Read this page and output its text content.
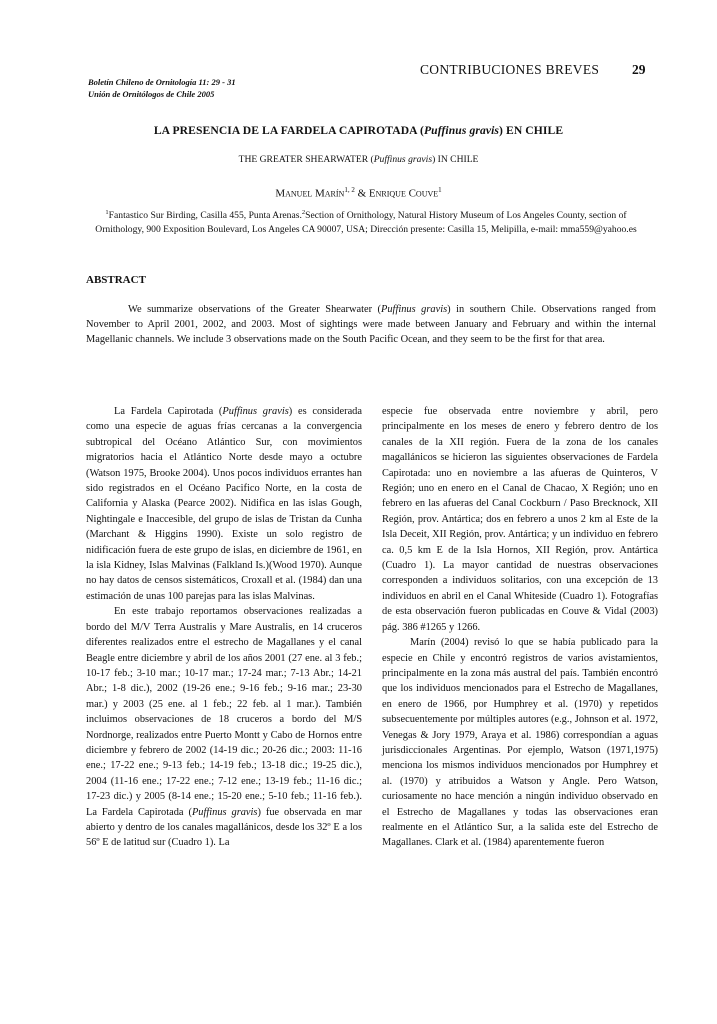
Boletín Chileno de Ornitología 11: 29 - 31
Unión de Ornitólogos de Chile 2005
CONTRIBUCIONES BREVES 29
LA PRESENCIA DE LA FARDELA CAPIROTADA (Puffinus gravis) EN CHILE
THE GREATER SHEARWATER (Puffinus gravis) IN CHILE
Manuel Marín$^{1, 2}$ & Enrique Couve$^1$
$^1$Fantastico Sur Birding, Casilla 455, Punta Arenas.$^2$Section of Ornithology, Natural History Museum of Los Angeles County, section of Ornithology, 900 Exposition Boulevard, Los Angeles CA 90007, USA; Dirección presente: Casilla 15, Melipilla, e-mail: mma559@yahoo.es
ABSTRACT
We summarize observations of the Greater Shearwater (Puffinus gravis) in southern Chile. Observations ranged from November to April 2001, 2002, and 2003. Most of sightings were made between January and February and within the internal Magellanic channels. We include 3 observations made on the South Pacific Ocean, and they seem to be the first for that area.

La Fardela Capirotada (Puffinus gravis) es considerada como una especie de aguas frías cercanas a la convergencia subtropical del Océano Atlántico Sur, con movimientos migratorios hacia el Atlántico Norte desde mayo a octubre (Watson 1975, Brooke 2004). Unos pocos individuos errantes han sido registrados en el Océano Pacifico Norte, en la costa de California y Alaska (Pearce 2002). Nidifica en las islas Gough, Nightingale e Inaccesible, del grupo de islas de Tristan da Cunha (Marchant & Higgins 1990). Existe un solo registro de nidificación fuera de este grupo de islas, en diciembre de 1961, en la isla Kidney, Islas Malvinas (Falkland Is.)(Wood 1970). Aunque no hay datos de censos sistemáticos, Croxall et al. (1984) dan una estimación de unas 100 parejas para las islas Malvinas.

En este trabajo reportamos observaciones realizadas a bordo del M/V Terra Australis y Mare Australis, en 14 cruceros diferentes realizados entre el estrecho de Magallanes y el canal Beagle entre diciembre y abril de los años 2001 (27 ene. al 3 feb.; 10-17 feb.; 3-10 mar.; 10-17 mar.; 17-24 mar.; 7-13 Abr.; 14-21 Abr.; 1-8 dic.), 2002 (19-26 ene.; 9-16 feb.; 9-16 mar.; 23-30 mar.) y 2003 (25 ene. al 1 feb.; 22 feb. al 1 mar.). También incluimos observaciones de 18 cruceros a bordo del M/S Nordnorge, realizados entre Puerto Montt y Cabo de Hornos entre diciembre y febrero de 2002 (14-19 dic.; 20-26 dic.; 2003: 11-16 ene.; 17-22 ene.; 9-13 feb.; 14-19 feb.; 13-18 dic.; 19-25 dic.), 2004 (11-16 ene.; 17-22 ene.; 7-12 ene.; 13-19 feb.; 11-16 dic.; 17-23 dic.) y 2005 (8-14 ene.; 15-20 ene.; 5-10 feb.; 11-16 feb.). La Fardela Capirotada (Puffinus gravis) fue observada en mar abierto y dentro de los canales magallánicos, desde los 32º E a los 56º E de latitud sur (Cuadro 1). La

especie fue observada entre noviembre y abril, pero principalmente en los meses de enero y febrero dentro de los canales de la XII región. Fuera de la zona de los canales magallánicos se hicieron las siguientes observaciones de Fardela Capirotada: uno en noviembre a las afueras de Quinteros, V Región; uno en enero en el Canal de Chacao, X Región; uno en febrero en las afueras del Canal Cockburn / Paso Brecknock, XII Región, prov. Antártica; dos en febrero a unos 2 km al Este de la Isla Deceit, XII Región, prov. Antártica; y un individuo en febrero ca. 0,5 km E de la Isla Hornos, XII Región, prov. Antártica (Cuadro 1). La mayor cantidad de nuestras observaciones corresponden a individuos solitarios, con una excepción de 13 individuos en abril en el Canal Whiteside (Cuadro 1). Fotografías de esta observación fueron publicadas en Couve & Vidal (2003) pág. 386 #1265 y 1266.

Marín (2004) revisó lo que se había publicado para la especie en Chile y encontró registros de varios avistamientos, principalmente en la zona más austral del país. También encontró que los individuos mencionados para el Estrecho de Magallanes, en enero de 1966, por Humphrey et al. (1970) y repetidos subsecuentemente por múltiples autores (e.g., Johnson et al. 1972, Venegas & Jory 1979, Araya et al. 1986) correspondían a aguas jurisdiccionales Argentinas. Por ejemplo, Watson (1971,1975) menciona los mismos individuos mencionados por Humphrey et al. (1970) y atribuidos a Watson y Angle. Pero Watson, curiosamente no hace mención a ningún individuo observado en el Estrecho de Magallanes y todas las observaciones eran realmente en el Atlántico Sur, a la salida este del Estrecho de Magallanes. Clark et al. (1984) aparentemente fueron
